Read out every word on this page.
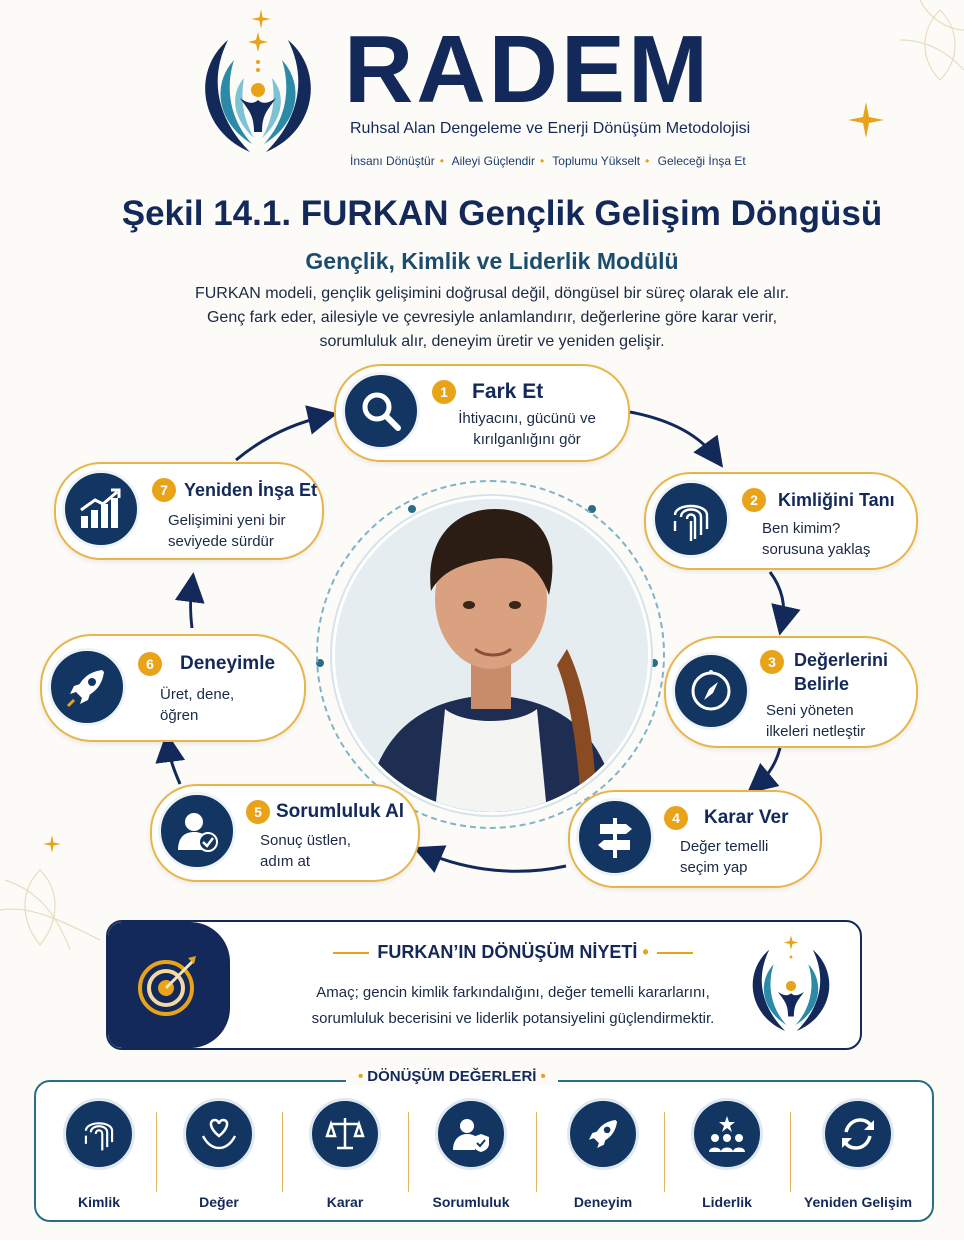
RADEM
Ruhsal Alan Dengeleme ve Enerji Dönüşüm Metodolojisi
İnsanı Dönüştür • Aileyi Güçlendir • Toplumu Yükselt • Geleceği İnşa Et
Şekil 14.1. FURKAN Gençlik Gelişim Döngüsü
Gençlik, Kimlik ve Liderlik Modülü
FURKAN modeli, gençlik gelişimini doğrusal değil, döngüsel bir süreç olarak ele alır.
Genç fark eder, ailesiyle ve çevresiyle anlamlandırır, değerlerine göre karar verir,
sorumluluk alır, deneyim üretir ve yeniden gelişir.
1	Fark Et
İhtiyacını, gücünü ve
kırılganlığını gör
2	Kimliğini Tanı
Ben kimim?
sorusuna yaklaş
3	Değerlerini
Belirle
Seni yöneten
ilkeleri netleştir
4	Karar Ver
Değer temelli
seçim yap
5 Sorumluluk Al
Sonuç üstlen,
adım at
6	Deneyimle
Üret, dene,
öğren
7 Yeniden İnşa Et
Gelişimini yeni bir
seviyede sürdür
FURKAN’IN DÖNÜŞÜM NİYETİ •
Amaç; gencin kimlik farkındalığını, değer temelli kararlarını,
sorumluluk becerisini ve liderlik potansiyelini güçlendirmektir.
Kimlik	Değer	Karar	Sorumluluk	Deneyim	Liderlik	Yeniden Gelişim
• DÖNÜŞÜM DEĞERLERİ •
